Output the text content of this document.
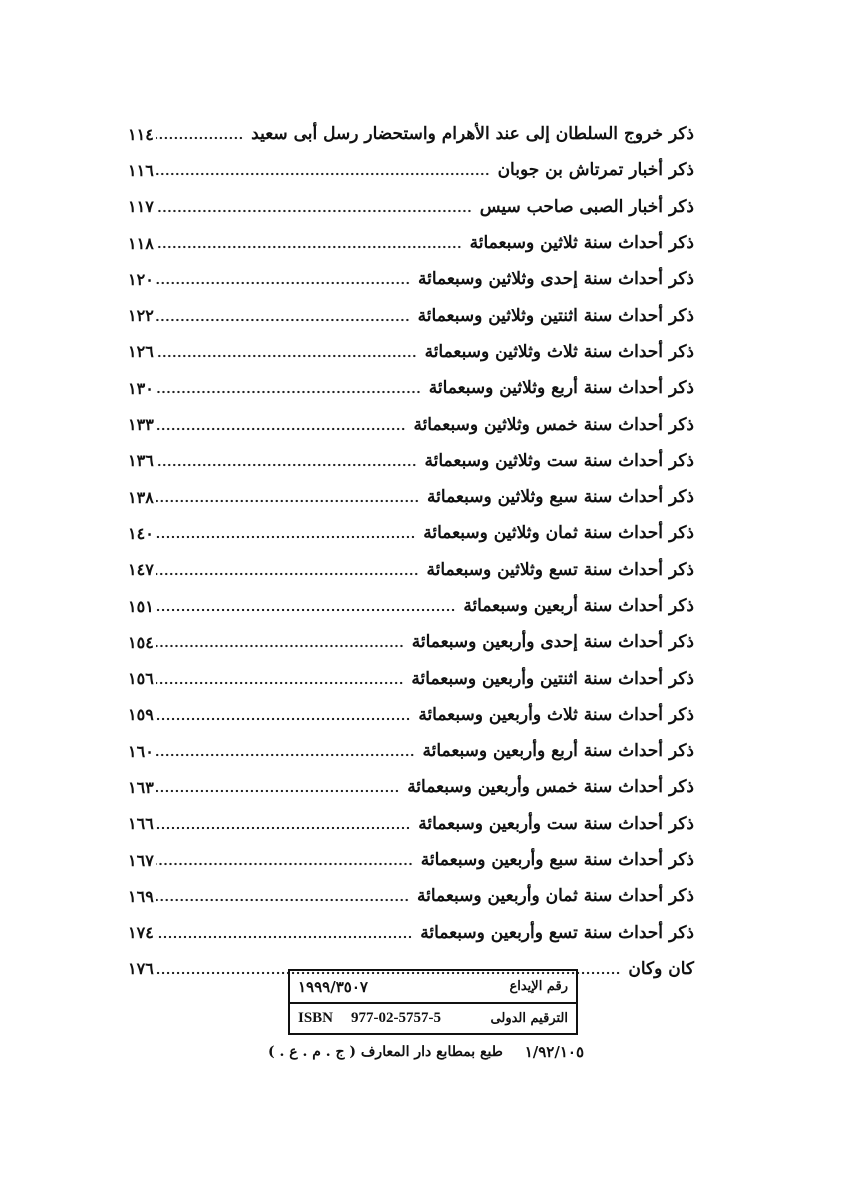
ذكر خروج السلطان إلى عند الأهرام واستحضار رسل أبى سعيد
١١٤
ذكر أخبار تمرتاش بن جوبان
١١٦
ذكر أخبار الصبى صاحب سيس
١١٧
ذكر أحداث سنة ثلاثين وسبعمائة
١١٨
ذكر أحداث سنة إحدى وثلاثين وسبعمائة
١٢٠
ذكر أحداث سنة اثنتين وثلاثين وسبعمائة
١٢٢
ذكر أحداث سنة ثلاث وثلاثين وسبعمائة
١٢٦
ذكر أحداث سنة أربع وثلاثين وسبعمائة
١٣٠
ذكر أحداث سنة خمس وثلاثين وسبعمائة
١٣٣
ذكر أحداث سنة ست وثلاثين وسبعمائة
١٣٦
ذكر أحداث سنة سبع وثلاثين وسبعمائة
١٣٨
ذكر أحداث سنة ثمان وثلاثين وسبعمائة
١٤٠
ذكر أحداث سنة تسع وثلاثين وسبعمائة
١٤٧
ذكر أحداث سنة أربعين وسبعمائة
١٥١
ذكر أحداث سنة إحدى وأربعين وسبعمائة
١٥٤
ذكر أحداث سنة اثنتين وأربعين وسبعمائة
١٥٦
ذكر أحداث سنة ثلاث وأربعين وسبعمائة
١٥٩
ذكر أحداث سنة أربع وأربعين وسبعمائة
١٦٠
ذكر أحداث سنة خمس وأربعين وسبعمائة
١٦٣
ذكر أحداث سنة ست وأربعين وسبعمائة
١٦٦
ذكر أحداث سنة سبع وأربعين وسبعمائة
١٦٧
ذكر أحداث سنة ثمان وأربعين وسبعمائة
١٦٩
ذكر أحداث سنة تسع وأربعين وسبعمائة
١٧٤
كان وكان
١٧٦
رقم الإيداع
١٩٩٩/٣٥٠٧
الترقيم الدولى
ISBN 977-02-5757-5
١/٩٢/١٠٥
طبع بمطابع دار المعارف ( ج . م . ع . )
